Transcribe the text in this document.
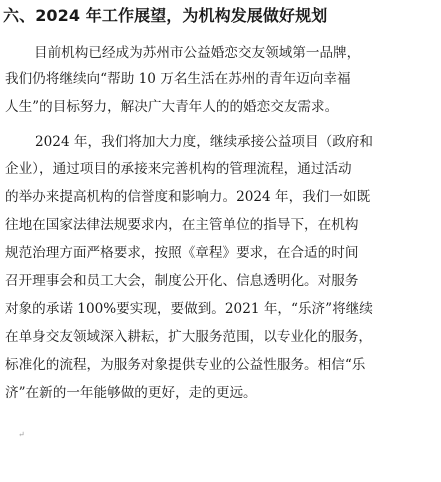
六、2024 年工作展望，为机构发展做好规划
目前机构已经成为苏州市公益婚恋交友领域第一品牌，
我们仍将继续向“帮助 10 万名生活在苏州的青年迈向幸福
人生”的目标努力，解决广大青年人的的婚恋交友需求。
2024 年，我们将加大力度，继续承接公益项目（政府和
企业），通过项目的承接来完善机构的管理流程，通过活动
的举办来提高机构的信誉度和影响力。2024 年，我们一如既
往地在国家法律法规要求内，在主管单位的指导下，在机构
规范治理方面严格要求，按照《章程》要求，在合适的时间
召开理事会和员工大会，制度公开化、信息透明化。对服务
对象的承诺 100%要实现，要做到。2021 年，“乐济”将继续
在单身交友领域深入耕耘，扩大服务范围，以专业化的服务，
标准化的流程，为服务对象提供专业的公益性服务。相信“乐
济”在新的一年能够做的更好，走的更远。
↵
